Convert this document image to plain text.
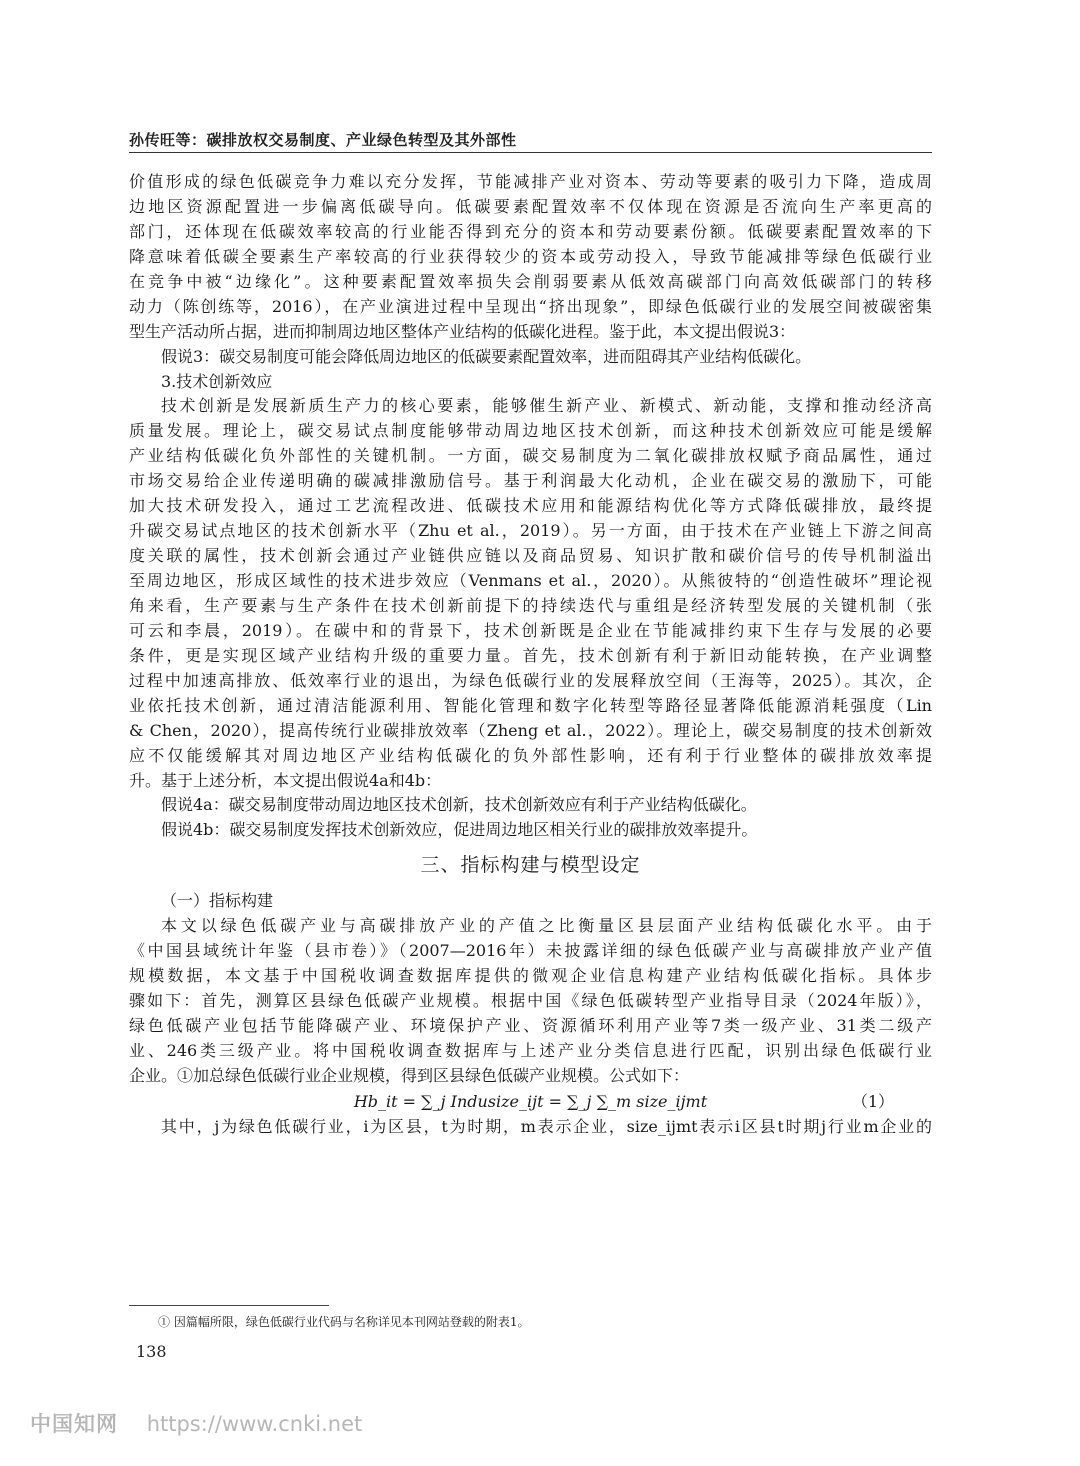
孙传旺等：碳排放权交易制度、产业绿色转型及其外部性
价值形成的绿色低碳竞争力难以充分发挥，节能减排产业对资本、劳动等要素的吸引力下降，造成周
边地区资源配置进一步偏离低碳导向。低碳要素配置效率不仅体现在资源是否流向生产率更高的
部门，还体现在低碳效率较高的行业能否得到充分的资本和劳动要素份额。低碳要素配置效率的下
降意味着低碳全要素生产率较高的行业获得较少的资本或劳动投入，导致节能减排等绿色低碳行业
在竞争中被“边缘化”。这种要素配置效率损失会削弱要素从低效高碳部门向高效低碳部门的转移
动力（陈创练等，2016），在产业演进过程中呈现出“挤出现象”，即绿色低碳行业的发展空间被碳密集
型生产活动所占据，进而抑制周边地区整体产业结构的低碳化进程。鉴于此，本文提出假说3：
假说3：碳交易制度可能会降低周边地区的低碳要素配置效率，进而阻碍其产业结构低碳化。
3.技术创新效应
技术创新是发展新质生产力的核心要素，能够催生新产业、新模式、新动能，支撑和推动经济高
质量发展。理论上，碳交易试点制度能够带动周边地区技术创新，而这种技术创新效应可能是缓解
产业结构低碳化负外部性的关键机制。一方面，碳交易制度为二氧化碳排放权赋予商品属性，通过
市场交易给企业传递明确的碳减排激励信号。基于利润最大化动机，企业在碳交易的激励下，可能
加大技术研发投入，通过工艺流程改进、低碳技术应用和能源结构优化等方式降低碳排放，最终提
升碳交易试点地区的技术创新水平（Zhu et al.，2019）。另一方面，由于技术在产业链上下游之间高
度关联的属性，技术创新会通过产业链供应链以及商品贸易、知识扩散和碳价信号的传导机制溢出
至周边地区，形成区域性的技术进步效应（Venmans et al.，2020）。从熊彼特的“创造性破坏”理论视
角来看，生产要素与生产条件在技术创新前提下的持续迭代与重组是经济转型发展的关键机制（张
可云和李晨，2019）。在碳中和的背景下，技术创新既是企业在节能减排约束下生存与发展的必要
条件，更是实现区域产业结构升级的重要力量。首先，技术创新有利于新旧动能转换，在产业调整
过程中加速高排放、低效率行业的退出，为绿色低碳行业的发展释放空间（王海等，2025）。其次，企
业依托技术创新，通过清洁能源利用、智能化管理和数字化转型等路径显著降低能源消耗强度（Lin
& Chen，2020），提高传统行业碳排放效率（Zheng et al.，2022）。理论上，碳交易制度的技术创新效
应不仅能缓解其对周边地区产业结构低碳化的负外部性影响，还有利于行业整体的碳排放效率提
升。基于上述分析，本文提出假说4a和4b：
假说4a：碳交易制度带动周边地区技术创新，技术创新效应有利于产业结构低碳化。
假说4b：碳交易制度发挥技术创新效应，促进周边地区相关行业的碳排放效率提升。
三、指标构建与模型设定
（一）指标构建
本文以绿色低碳产业与高碳排放产业的产值之比衡量区县层面产业结构低碳化水平。由于
《中国县域统计年鉴（县市卷）》（2007—2016年）未披露详细的绿色低碳产业与高碳排放产业产值
规模数据，本文基于中国税收调查数据库提供的微观企业信息构建产业结构低碳化指标。具体步
骤如下：首先，测算区县绿色低碳产业规模。根据中国《绿色低碳转型产业指导目录（2024年版）》，
绿色低碳产业包括节能降碳产业、环境保护产业、资源循环利用产业等7类一级产业、31类二级产
业、246类三级产业。将中国税收调查数据库与上述产业分类信息进行匹配，识别出绿色低碳行业
企业。①加总绿色低碳行业企业规模，得到区县绿色低碳产业规模。公式如下：
Hb_it = ∑_j Indusize_ijt = ∑_j ∑_m size_ijmt	（1）
其中，j为绿色低碳行业，i为区县，t为时期，m表示企业，size_ijmt表示i区县t时期j行业m企业的
① 因篇幅所限，绿色低碳行业代码与名称详见本刊网站登载的附表1。
138
中国知网 https://www.cnki.net
